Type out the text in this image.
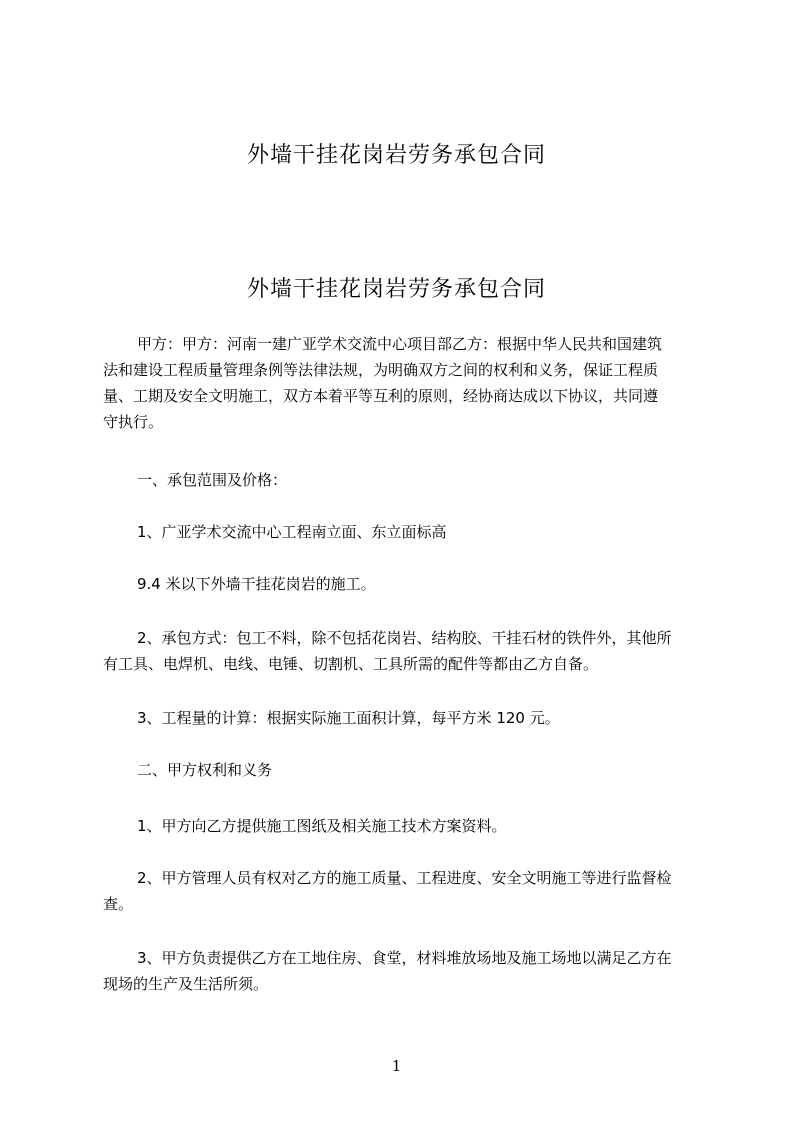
外墙干挂花岗岩劳务承包合同
外墙干挂花岗岩劳务承包合同
甲方：甲方：河南一建广亚学术交流中心项目部乙方：根据中华人民共和国建筑
法和建设工程质量管理条例等法律法规，为明确双方之间的权利和义务，保证工程质
量、工期及安全文明施工，双方本着平等互利的原则，经协商达成以下协议，共同遵
守执行。
一、承包范围及价格：
1、广亚学术交流中心工程南立面、东立面标高
9.4 米以下外墙干挂花岗岩的施工。
2、承包方式：包工不料，除不包括花岗岩、结构胶、干挂石材的铁件外，其他所
有工具、电焊机、电线、电锤、切割机、工具所需的配件等都由乙方自备。
3、工程量的计算：根据实际施工面积计算，每平方米 120 元。
二、甲方权利和义务
1、甲方向乙方提供施工图纸及相关施工技术方案资料。
2、甲方管理人员有权对乙方的施工质量、工程进度、安全文明施工等进行监督检
查。
3、甲方负责提供乙方在工地住房、食堂，材料堆放场地及施工场地以满足乙方在
现场的生产及生活所须。
1
